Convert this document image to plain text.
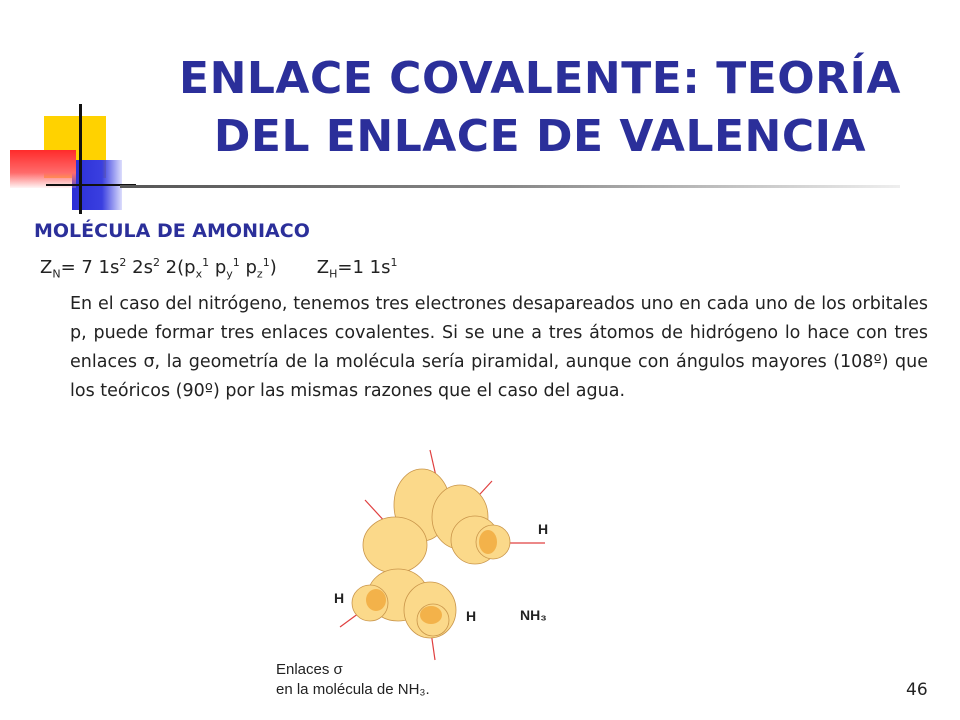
ENLACE COVALENTE: TEORÍA
DEL ENLACE DE VALENCIA
MOLÉCULA DE AMONIACO
$Z_N= 7$ $1s^2$ $2s^2$ $2(p_x^1$ $p_y^1$ $p_z^1$) $Z_H=1$ $1s^1$
En el caso del nitrógeno, tenemos tres electrones desapareados uno en cada uno de los orbitales p, puede formar tres enlaces covalentes. Si se une a tres átomos de hidrógeno lo hace con tres enlaces σ, la geometría de la molécula sería piramidal, aunque con ángulos mayores (108º) que los teóricos (90º) por las mismas razones que el caso del agua.
H
H
H	NH₃
Enlaces σ
en la molécula de NH₃.	46
